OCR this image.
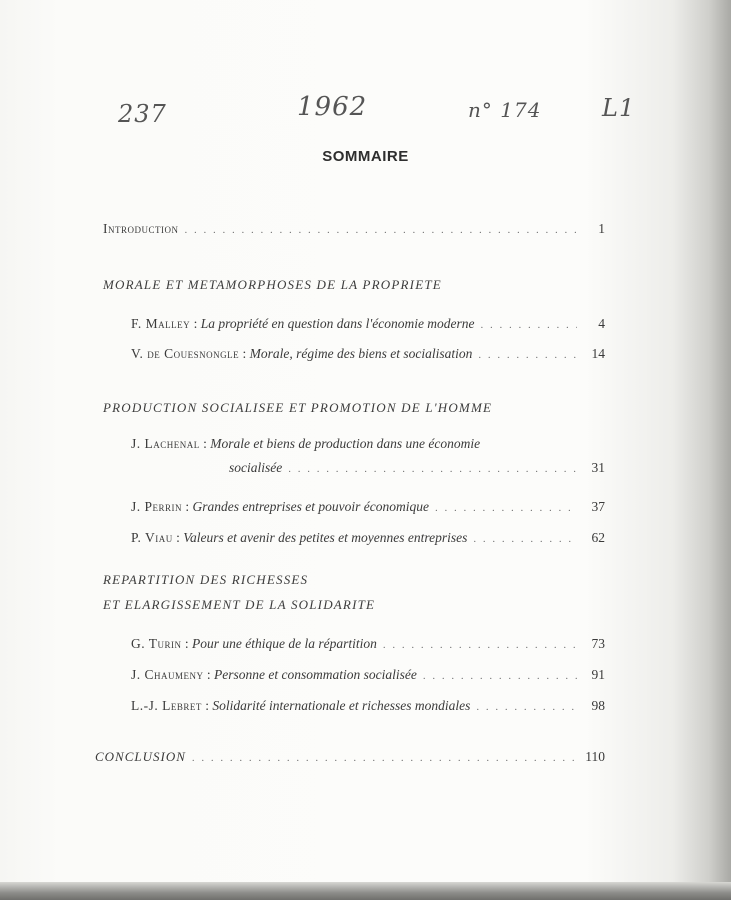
237	1962	n° 174	L1
SOMMAIRE
Introduction . . .	1
MORALE ET METAMORPHOSES DE LA PROPRIETE
F. Malley : La propriété en question dans l'économie moderne . . .	4
V. de Couesnongle : Morale, régime des biens et socialisation . . .	14
PRODUCTION SOCIALISEE ET PROMOTION DE L'HOMME
J. Lachenal : Morale et biens de production dans une économie
socialisée . . .	31
J. Perrin : Grandes entreprises et pouvoir économique . . .	37
P. Viau : Valeurs et avenir des petites et moyennes entreprises . . .	62
REPARTITION DES RICHESSES
ET ELARGISSEMENT DE LA SOLIDARITE
G. Turin : Pour une éthique de la répartition . . .	73
J. Chaumeny : Personne et consommation socialisée . . .	91
L.-J. Lebret : Solidarité internationale et richesses mondiales . . .	98
CONCLUSION . . .	110
